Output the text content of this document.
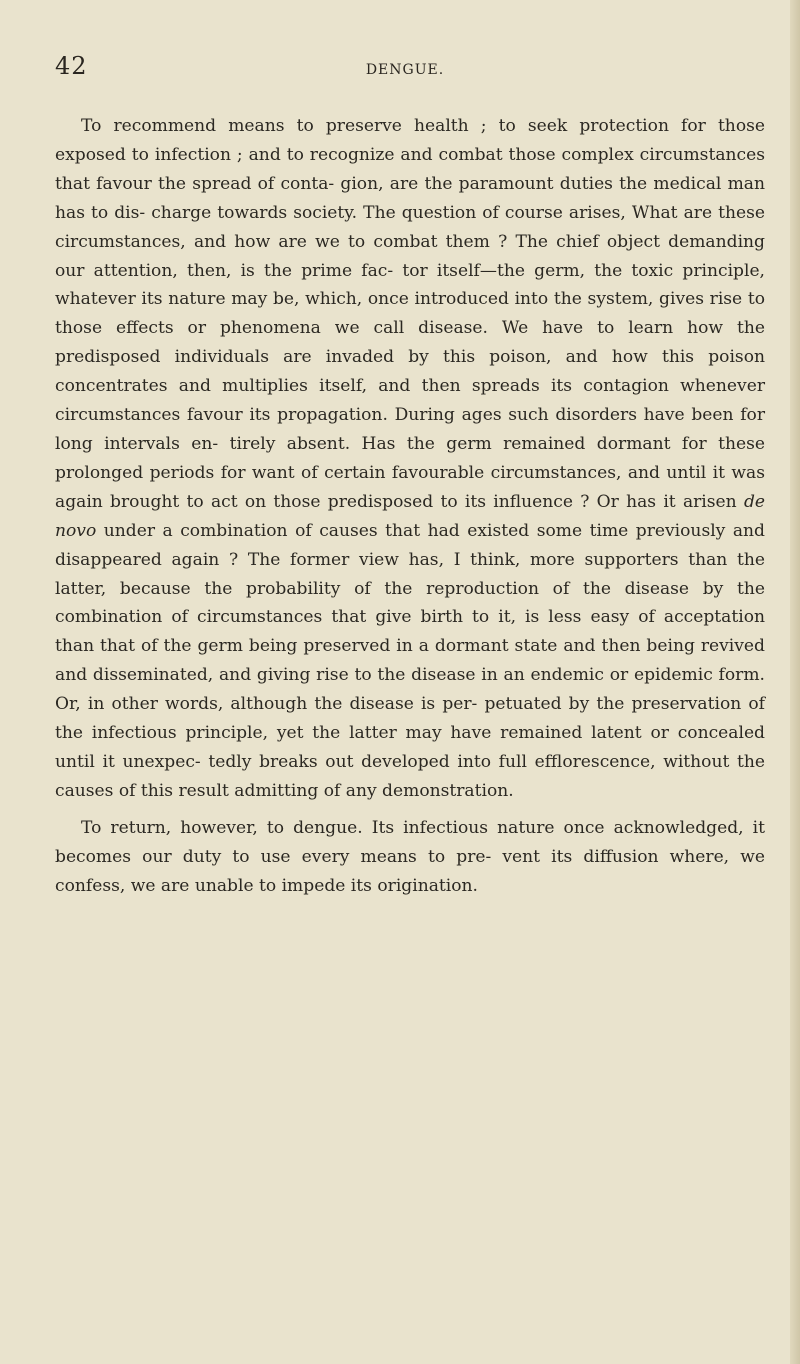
42	DENGUE.

To recommend means to preserve health ; to seek protection for those exposed to infection ; and to recognize and combat those complex circumstances that favour the spread of conta- gion, are the paramount duties the medical man has to dis- charge towards society. The question of course arises, What are these circumstances, and how are we to combat them ? The chief object demanding our attention, then, is the prime fac- tor itself—the germ, the toxic principle, whatever its nature may be, which, once introduced into the system, gives rise to those effects or phenomena we call disease. We have to learn how the predisposed individuals are invaded by this poison, and how this poison concentrates and multiplies itself, and then spreads its contagion whenever circumstances favour its propagation. During ages such disorders have been for long intervals en- tirely absent. Has the germ remained dormant for these prolonged periods for want of certain favourable circumstances, and until it was again brought to act on those predisposed to its influence ? Or has it arisen de novo under a combination of causes that had existed some time previously and disappeared again ? The former view has, I think, more supporters than the latter, because the probability of the reproduction of the disease by the combination of circumstances that give birth to it, is less easy of acceptation than that of the germ being preserved in a dormant state and then being revived and disseminated, and giving rise to the disease in an endemic or epidemic form. Or, in other words, although the disease is per- petuated by the preservation of the infectious principle, yet the latter may have remained latent or concealed until it unexpec- tedly breaks out developed into full efflorescence, without the causes of this result admitting of any demonstration.

To return, however, to dengue. Its infectious nature once acknowledged, it becomes our duty to use every means to pre- vent its diffusion where, we confess, we are unable to impede its origination.
